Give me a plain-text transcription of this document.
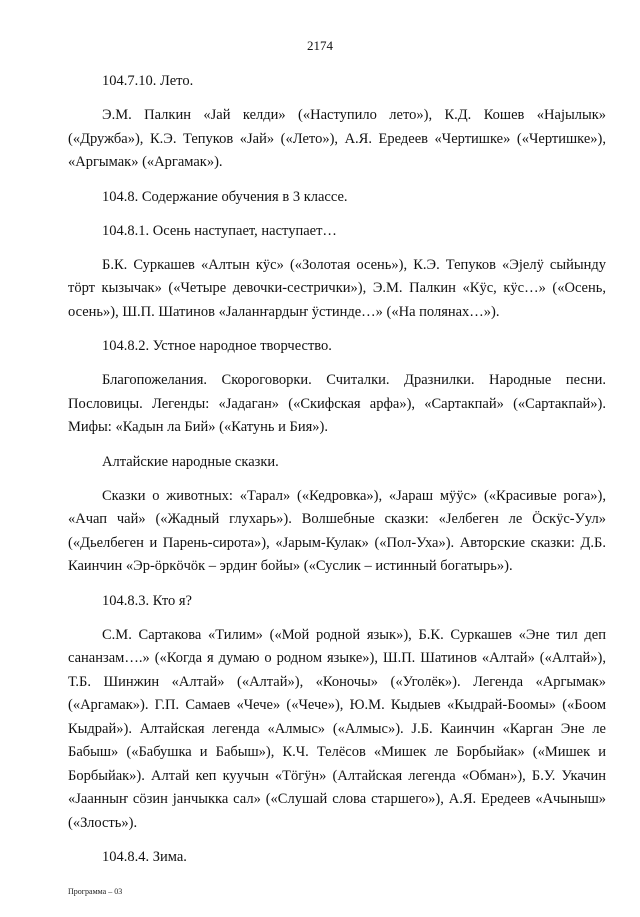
2174
104.7.10. Лето.
Э.М. Палкин «Јай келди» («Наступило лето»), К.Д. Кошев «Најылык» («Дружба»), К.Э. Тепуков «Јай» («Лето»), А.Я. Ередеев «Чертишке» («Чертишке»), «Аргымак» («Аргамак»).
104.8. Содержание обучения в 3 классе.
104.8.1. Осень наступает, наступает…
Б.К. Суркашев «Алтын кӱс» («Золотая осень»), К.Э. Тепуков «Эјелӱ сыйынду тӧрт кызычак» («Четыре девочки-сестрички»), Э.М. Палкин «Кӱс, кӱс…» («Осень, осень»), Ш.П. Шатинов «Јаланҥардыҥ ӱстинде…» («На полянах…»).
104.8.2. Устное народное творчество.
Благопожелания. Скороговорки. Считалки. Дразнилки. Народные песни. Пословицы. Легенды: «Јадаган» («Скифская арфа»), «Сартакпай» («Сартакпай»). Мифы: «Кадын ла Бий» («Катунь и Бия»).
Алтайские народные сказки.
Сказки о животных: «Тарал» («Кедровка»), «Јараш мӱӱс» («Красивые рога»), «Ачап чай» («Жадный глухарь»). Волшебные сказки: «Јелбеген ле Ӧскӱс-Уул» («Дьелбеген и Парень-сирота»), «Јарым-Кулак» («Пол-Уха»). Авторские сказки: Д.Б. Каинчин «Эр-ӧркӧчӧк – эрдиҥ бойы» («Суслик – истинный богатырь»).
104.8.3. Кто я?
С.М. Сартакова «Тилим» («Мой родной язык»), Б.К. Суркашев «Эне тил деп сананзам….» («Когда я думаю о родном языке»), Ш.П. Шатинов «Алтай» («Алтай»), Т.Б. Шинжин «Алтай» («Алтай»), «Коночы» («Уголёк»). Легенда «Аргымак» («Аргамак»). Г.П. Самаев «Чече» («Чече»), Ю.М. Кыдыев «Кыдрай-Боомы» («Боом Кыдрай»). Алтайская легенда «Алмыс» («Алмыс»). Ј.Б. Каинчин «Карган Эне ле Бабыш» («Бабушка и Бабыш»), К.Ч. Телёсов «Мишек ле Борбыйак» («Мишек и Борбыйак»). Алтай кеп куучын «Тӧгӱн» (Алтайская легенда «Обман»), Б.У. Укачин «Јаанныҥ сӧзин јанчыкка сал» («Слушай слова старшего»), А.Я. Ередеев «Ачыныш» («Злость»).
104.8.4. Зима.
Программа – 03
